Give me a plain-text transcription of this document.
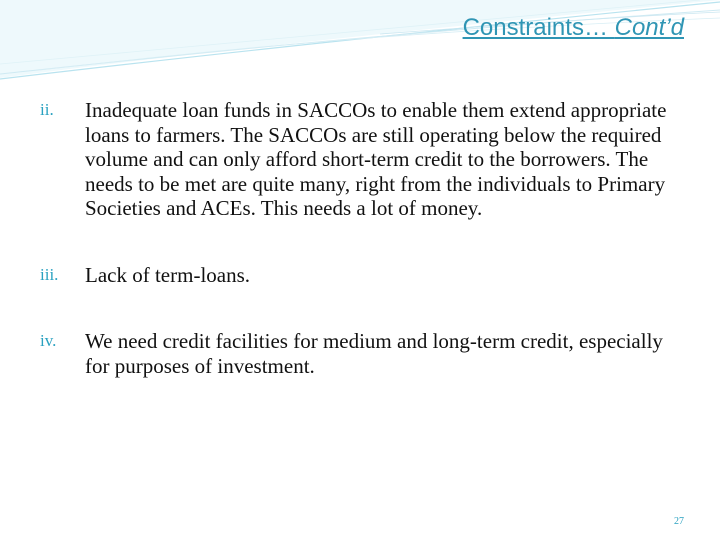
Constraints… Cont’d
ii. Inadequate loan funds in SACCOs to enable them extend appropriate loans to farmers. The SACCOs are still operating below the required volume and can only afford short-term credit to the borrowers. The needs to be met are quite many, right from the individuals to Primary Societies and ACEs. This needs a lot of money.
iii. Lack of term-loans.
iv. We need credit facilities for medium and long-term credit, especially for purposes of investment.
27
